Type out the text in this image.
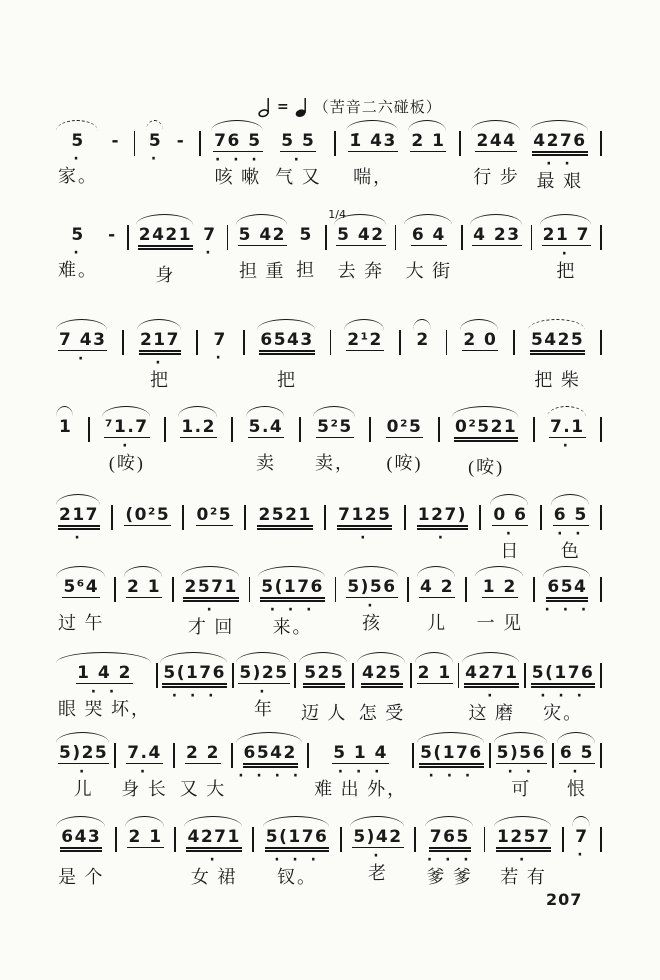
= （苦音二六碰板）
5
·
家。
- 5
·
- 76 5
· · ·
咳 嗽
5 5
·
气 又
1̇ 43
喘，
2 1 244
行 步
4276
· ·
最 艰
5
·
难。
- 2421
身
7
·
5 42
担 重
5
担
1/4
5 42
去 奔
6 4
大 街
4 23 21 7
·
把
7 43
·
217
·
把
7
·
6543
把
2¹2 2 2 0 5425
把 柴
1 ⁷1.7
·
(咹)
1.2 5.4
卖
5²5
卖，
0²5
(咹)
0²521
(咹)
7.1
·
217
·
(0²5 0²5 2521 7125
·
127)
·
0 6
·
日
6 5
· ·
色
5⁶4
过 午
2 1 2571
·
才 回
5(176
· · ·
来。
5)56
·
孩
4 2
儿
1 2
一 见
654
· · ·
1 4 2
· ·
眼 哭 坏，
5(176
· · ·
5)25
·
年
525
迈 人
425
怎 受
2 1 4271
·
这 磨
5(176
· · ·
灾。
5)25
·
儿
7.4
·
身 长
2 2
又 大
6542
· · · ·
5 1 4
· · ·
难 出 外，
5(176
· · ·
5)56
· ·
可
6 5
·
恨
643
是 个
2 1 4271
·
女 裙
5(176
· · ·
钗。
5)42
·
老
765
· · ·
爹 爹
1257
·
若 有
7
·
207
